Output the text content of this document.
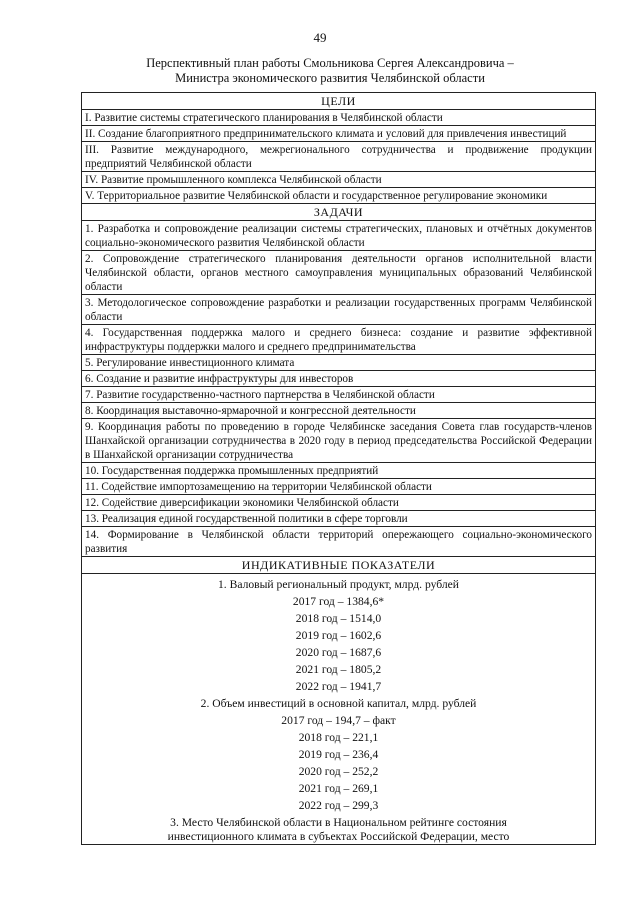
49
Перспективный план работы Смольникова Сергея Александровича –
Министра экономического развития Челябинской области
ЦЕЛИ
I. Развитие системы стратегического планирования в Челябинской области
II. Создание благоприятного предпринимательского климата и условий для привлечения инвестиций
III. Развитие международного, межрегионального сотрудничества и продвижение продукции предприятий Челябинской области
IV. Развитие промышленного комплекса Челябинской области
V. Территориальное развитие Челябинской области и государственное регулирование экономики
ЗАДАЧИ
1. Разработка и сопровождение реализации системы стратегических, плановых и отчётных документов социально-экономического развития Челябинской области
2. Сопровождение стратегического планирования деятельности органов исполнительной власти Челябинской области, органов местного самоуправления муниципальных образований Челябинской области
3. Методологическое сопровождение разработки и реализации государственных программ Челябинской области
4. Государственная поддержка малого и среднего бизнеса: создание и развитие эффективной инфраструктуры поддержки малого и среднего предпринимательства
5. Регулирование инвестиционного климата
6. Создание и развитие инфраструктуры для инвесторов
7. Развитие государственно-частного партнерства в Челябинской области
8. Координация выставочно-ярмарочной и конгрессной деятельности
9. Координация работы по проведению в городе Челябинске заседания Совета глав государств-членов Шанхайской организации сотрудничества в 2020 году в период председательства Российской Федерации в Шанхайской организации сотрудничества
10. Государственная поддержка промышленных предприятий
11. Содействие импортозамещению на территории Челябинской области
12. Содействие диверсификации экономики Челябинской области
13. Реализация единой государственной политики в сфере торговли
14. Формирование в Челябинской области территорий опережающего социально-экономического развития
ИНДИКАТИВНЫЕ ПОКАЗАТЕЛИ
1. Валовый региональный продукт, млрд. рублей
2017 год – 1384,6*
2018 год – 1514,0
2019 год – 1602,6
2020 год – 1687,6
2021 год – 1805,2
2022 год – 1941,7
2. Объем инвестиций в основной капитал, млрд. рублей
2017 год – 194,7 – факт
2018 год – 221,1
2019 год – 236,4
2020 год – 252,2
2021 год – 269,1
2022 год – 299,3
3. Место Челябинской области в Национальном рейтинге состояния
инвестиционного климата в субъектах Российской Федерации, место
